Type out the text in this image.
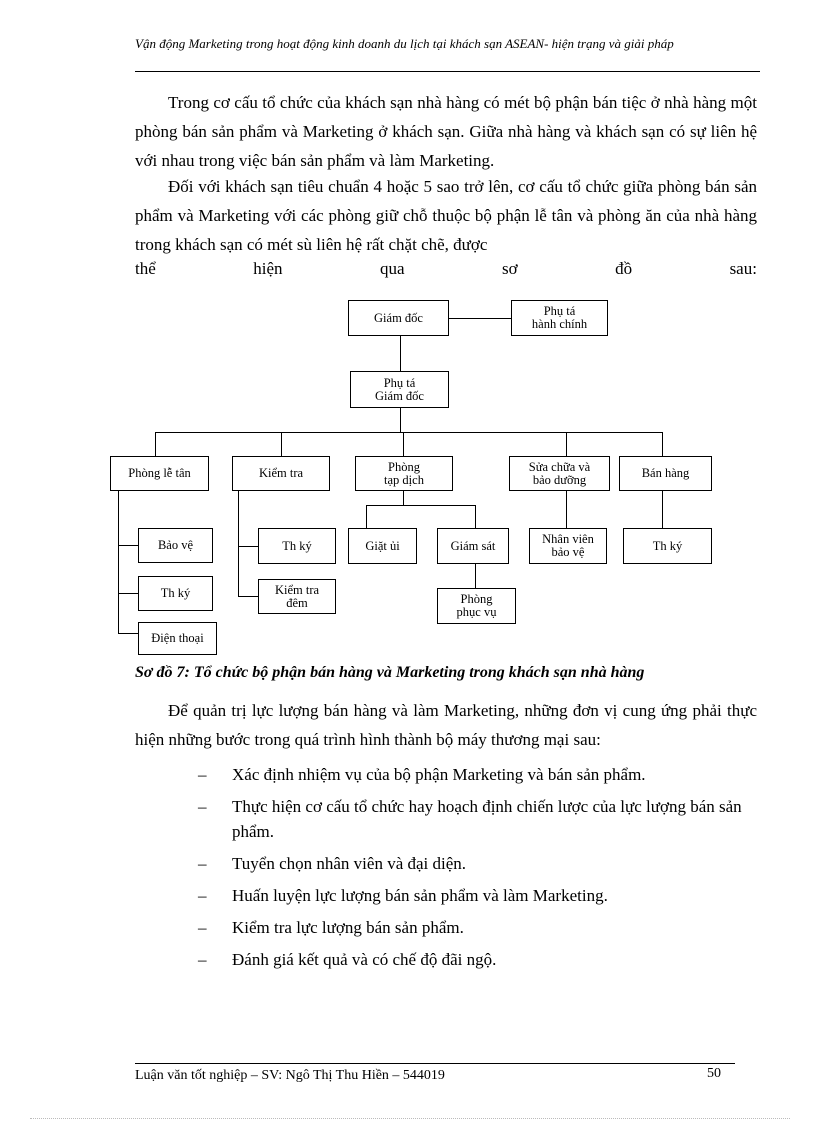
Vận động Marketing trong hoạt động kinh doanh du lịch tại khách sạn ASEAN- hiện trạng và giải pháp

Trong cơ cấu tổ chức của khách sạn nhà hàng có mét bộ phận bán tiệc ở nhà hàng một phòng bán sản phẩm và Marketing ở khách sạn. Giữa nhà hàng và khách sạn có sự liên hệ với nhau trong việc bán sản phẩm và làm Marketing.

Đối với khách sạn tiêu chuẩn 4 hoặc 5 sao trở lên, cơ cấu tổ chức giữa phòng bán sản phẩm và Marketing với các phòng giữ chỗ thuộc bộ phận lễ tân và phòng ăn của nhà hàng trong khách sạn có mét sù liên hệ rất chặt chẽ, được

thể	hiện	qua	sơ	đồ	sau:
Giám đốc	Phụ tá
hành chính
Phụ tá
Giám đốc
Phòng lễ tân	Kiểm tra	Phòng
tạp dịch
Sửa chữa và
bảo dưỡng	Bán hàng
Bảo vệ
Th ký
Điện thoại
Th ký
Kiểm tra
đêm
Giặt ủi	Giám sát
Phòng
phục vụ
Nhân viên
bảo vệ	Th ký
Sơ đồ 7: Tổ chức bộ phận bán hàng và Marketing trong khách sạn nhà hàng

Để quản trị lực lượng bán hàng và làm Marketing, những đơn vị cung ứng phải thực hiện những bước trong quá trình hình thành bộ máy thương mại sau:

– Xác định nhiệm vụ của bộ phận Marketing và bán sản phẩm.
– Thực hiện cơ cấu tổ chức hay hoạch định chiến lược của lực lượng bán sản phẩm.
– Tuyển chọn nhân viên và đại diện.
– Huấn luyện lực lượng bán sản phẩm và làm Marketing.
– Kiểm tra lực lượng bán sản phẩm.
– Đánh giá kết quả và có chế độ đãi ngộ.
Luận văn tốt nghiệp – SV: Ngô Thị Thu Hiền – 544019	50
